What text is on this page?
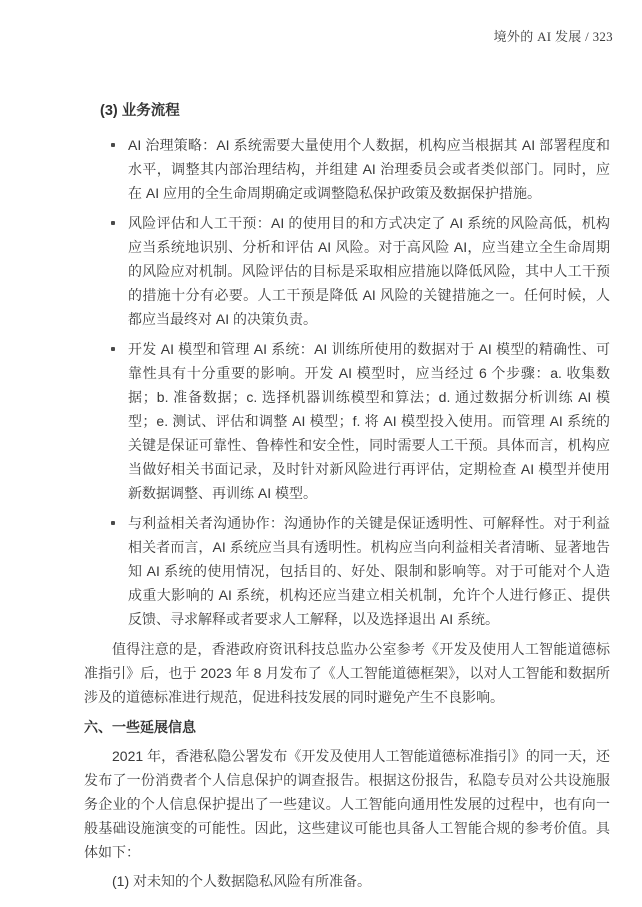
境外的 AI 发展 / 323
(3) 业务流程
AI 治理策略：AI 系统需要大量使用个人数据，机构应当根据其 AI 部署程度和水平，调整其内部治理结构，并组建 AI 治理委员会或者类似部门。同时，应在 AI 应用的全生命周期确定或调整隐私保护政策及数据保护措施。
风险评估和人工干预：AI 的使用目的和方式决定了 AI 系统的风险高低，机构应当系统地识别、分析和评估 AI 风险。对于高风险 AI，应当建立全生命周期的风险应对机制。风险评估的目标是采取相应措施以降低风险，其中人工干预的措施十分有必要。人工干预是降低 AI 风险的关键措施之一。任何时候，人都应当最终对 AI 的决策负责。
开发 AI 模型和管理 AI 系统：AI 训练所使用的数据对于 AI 模型的精确性、可靠性具有十分重要的影响。开发 AI 模型时，应当经过 6 个步骤：a. 收集数据；b. 准备数据；c. 选择机器训练模型和算法；d. 通过数据分析训练 AI 模型；e. 测试、评估和调整 AI 模型；f. 将 AI 模型投入使用。而管理 AI 系统的关键是保证可靠性、鲁棒性和安全性，同时需要人工干预。具体而言，机构应当做好相关书面记录，及时针对新风险进行再评估，定期检查 AI 模型并使用新数据调整、再训练 AI 模型。
与利益相关者沟通协作：沟通协作的关键是保证透明性、可解释性。对于利益相关者而言，AI 系统应当具有透明性。机构应当向利益相关者清晰、显著地告知 AI 系统的使用情况，包括目的、好处、限制和影响等。对于可能对个人造成重大影响的 AI 系统，机构还应当建立相关机制，允许个人进行修正、提供反馈、寻求解释或者要求人工解释，以及选择退出 AI 系统。

值得注意的是，香港政府资讯科技总监办公室参考《开发及使用人工智能道德标准指引》后，也于 2023 年 8 月发布了《人工智能道德框架》，以对人工智能和数据所涉及的道德标准进行规范，促进科技发展的同时避免产生不良影响。

六、一些延展信息

2021 年，香港私隐公署发布《开发及使用人工智能道德标准指引》的同一天，还发布了一份消费者个人信息保护的调查报告。根据这份报告，私隐专员对公共设施服务企业的个人信息保护提出了一些建议。人工智能向通用性发展的过程中，也有向一般基础设施演变的可能性。因此，这些建议可能也具备人工智能合规的参考价值。具体如下：

(1) 对未知的个人数据隐私风险有所准备。
